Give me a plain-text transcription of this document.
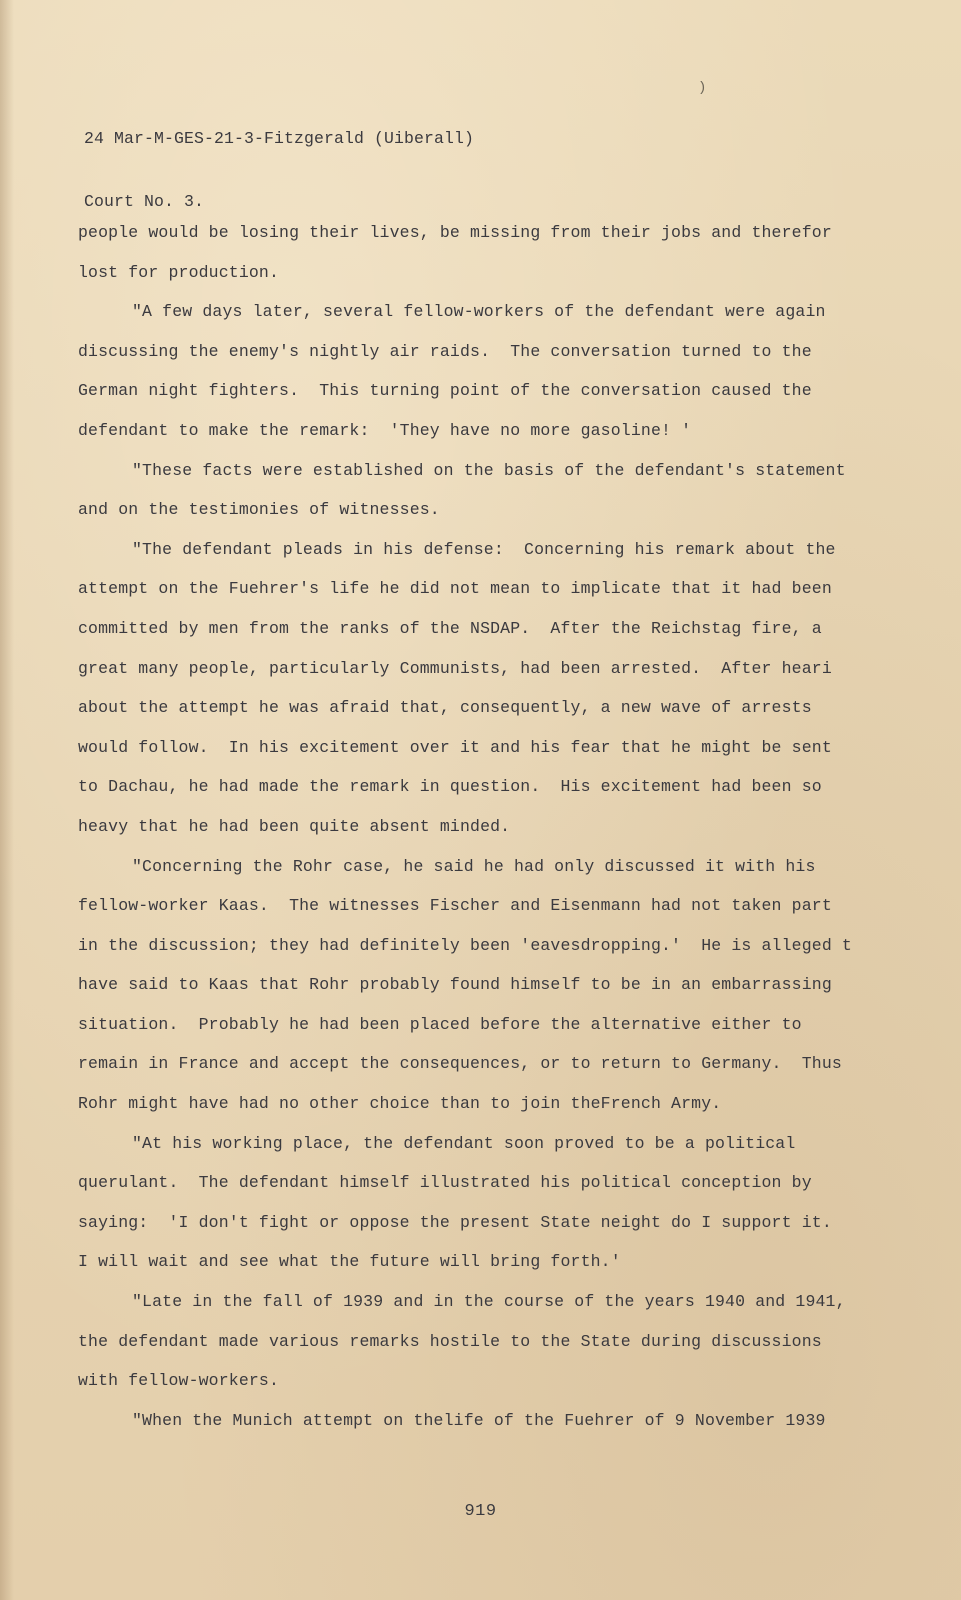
24 Mar-M-GES-21-3-Fitzgerald (Uiberall)

Court No. 3.

)
people would be losing their lives, be missing from their jobs and therefor
lost for production.
"A few days later, several fellow-workers of the defendant were again
discussing the enemy's nightly air raids.  The conversation turned to the
German night fighters.  This turning point of the conversation caused the
defendant to make the remark:  'They have no more gasoline! '
"These facts were established on the basis of the defendant's statement
and on the testimonies of witnesses.
"The defendant pleads in his defense:  Concerning his remark about the
attempt on the Fuehrer's life he did not mean to implicate that it had been
committed by men from the ranks of the NSDAP.  After the Reichstag fire, a
great many people, particularly Communists, had been arrested.  After heari
about the attempt he was afraid that, consequently, a new wave of arrests
would follow.  In his excitement over it and his fear that he might be sent
to Dachau, he had made the remark in question.  His excitement had been so
heavy that he had been quite absent minded.
"Concerning the Rohr case, he said he had only discussed it with his
fellow-worker Kaas.  The witnesses Fischer and Eisenmann had not taken part
in the discussion; they had definitely been 'eavesdropping.'  He is alleged t
have said to Kaas that Rohr probably found himself to be in an embarrassing
situation.  Probably he had been placed before the alternative either to
remain in France and accept the consequences, or to return to Germany.  Thus
Rohr might have had no other choice than to join theFrench Army.
"At his working place, the defendant soon proved to be a political
querulant.  The defendant himself illustrated his political conception by
saying:  'I don't fight or oppose the present State neight do I support it.
I will wait and see what the future will bring forth.'
"Late in the fall of 1939 and in the course of the years 1940 and 1941,
the defendant made various remarks hostile to the State during discussions
with fellow-workers.
"When the Munich attempt on thelife of the Fuehrer of 9 November 1939
919
